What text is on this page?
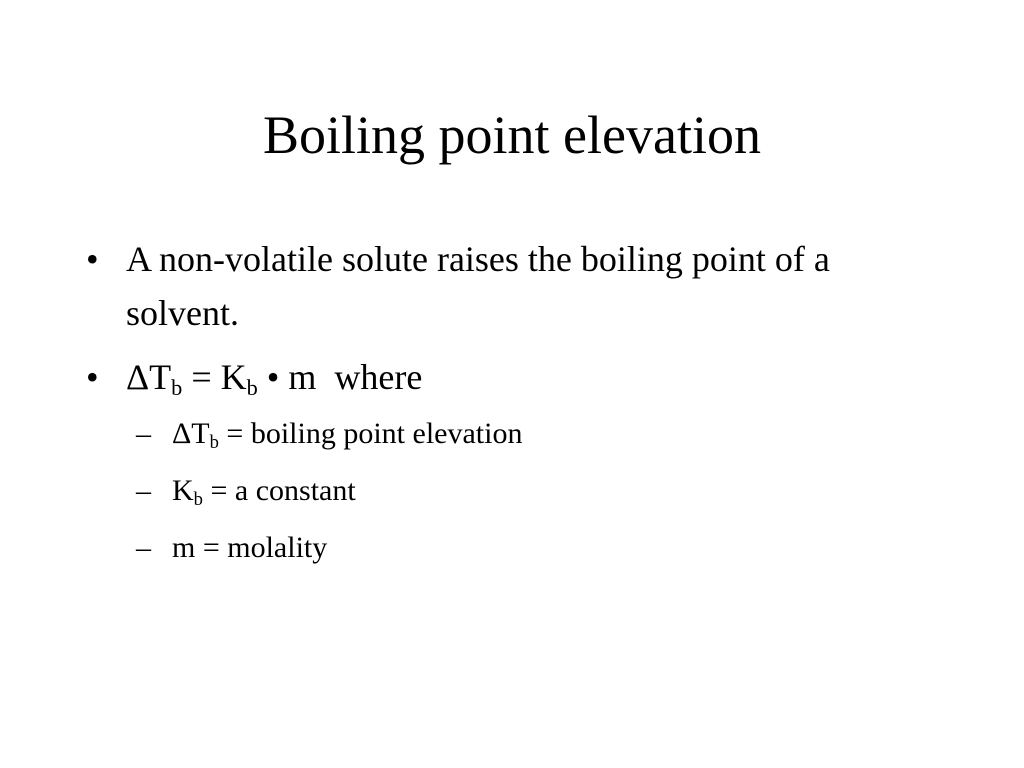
Boiling point elevation
• A non-volatile solute raises the boiling point of a solvent.
• $\Delta T_b = K_b$ • m  where
– $\Delta T_b$ = boiling point elevation
– $K_b = a$ constant
– m = molality
